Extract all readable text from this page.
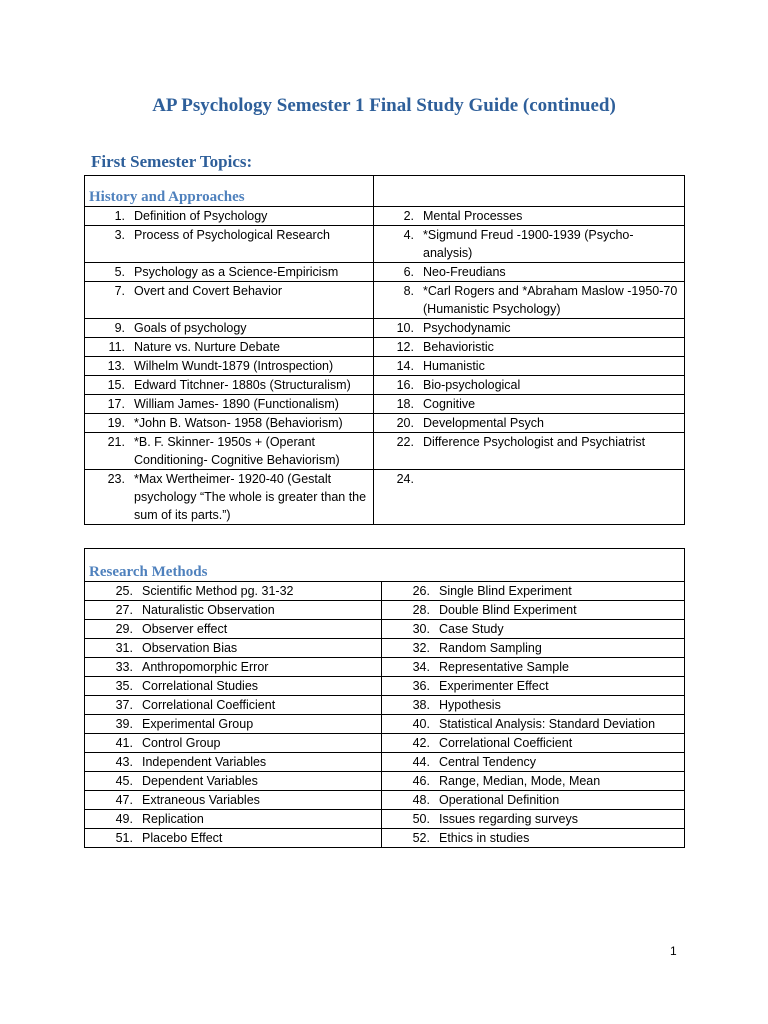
AP Psychology Semester 1 Final Study Guide (continued)
First Semester Topics:
History and Approaches	

1. Definition of Psychology	2. Mental Processes

3. Process of Psychological Research	4. *Sigmund Freud -1900-1939 (Psycho-analysis)

5. Psychology as a Science-Empiricism	6. Neo-Freudians

7. Overt and Covert Behavior	8. *Carl Rogers and *Abraham Maslow -1950-70 (Humanistic Psychology)

9. Goals of psychology	10. Psychodynamic

11. Nature vs. Nurture Debate	12. Behavioristic

13. Wilhelm Wundt-1879 (Introspection)	14. Humanistic

15. Edward Titchner- 1880s (Structuralism)	16. Bio-psychological

17. William James- 1890 (Functionalism)	18. Cognitive

19. *John B. Watson- 1958 (Behaviorism)	20. Developmental Psych

21. *B. F. Skinner- 1950s + (Operant Conditioning- Cognitive Behaviorism)	22. Difference Psychologist and Psychiatrist

23. *Max Wertheimer- 1920-40 (Gestalt psychology “The whole is greater than the sum of its parts.”)	24.
Research Methods	

25. Scientific Method pg. 31-32	26. Single Blind Experiment

27. Naturalistic Observation	28. Double Blind Experiment

29. Observer effect	30. Case Study

31. Observation Bias	32. Random Sampling

33. Anthropomorphic Error	34. Representative Sample

35. Correlational Studies	36. Experimenter Effect

37. Correlational Coefficient	38. Hypothesis

39. Experimental Group	40. Statistical Analysis: Standard Deviation

41. Control Group	42. Correlational Coefficient

43. Independent Variables	44. Central Tendency

45. Dependent Variables	46. Range, Median, Mode, Mean

47. Extraneous Variables	48. Operational Definition

49. Replication	50. Issues regarding surveys

51. Placebo Effect	52. Ethics in studies
1
